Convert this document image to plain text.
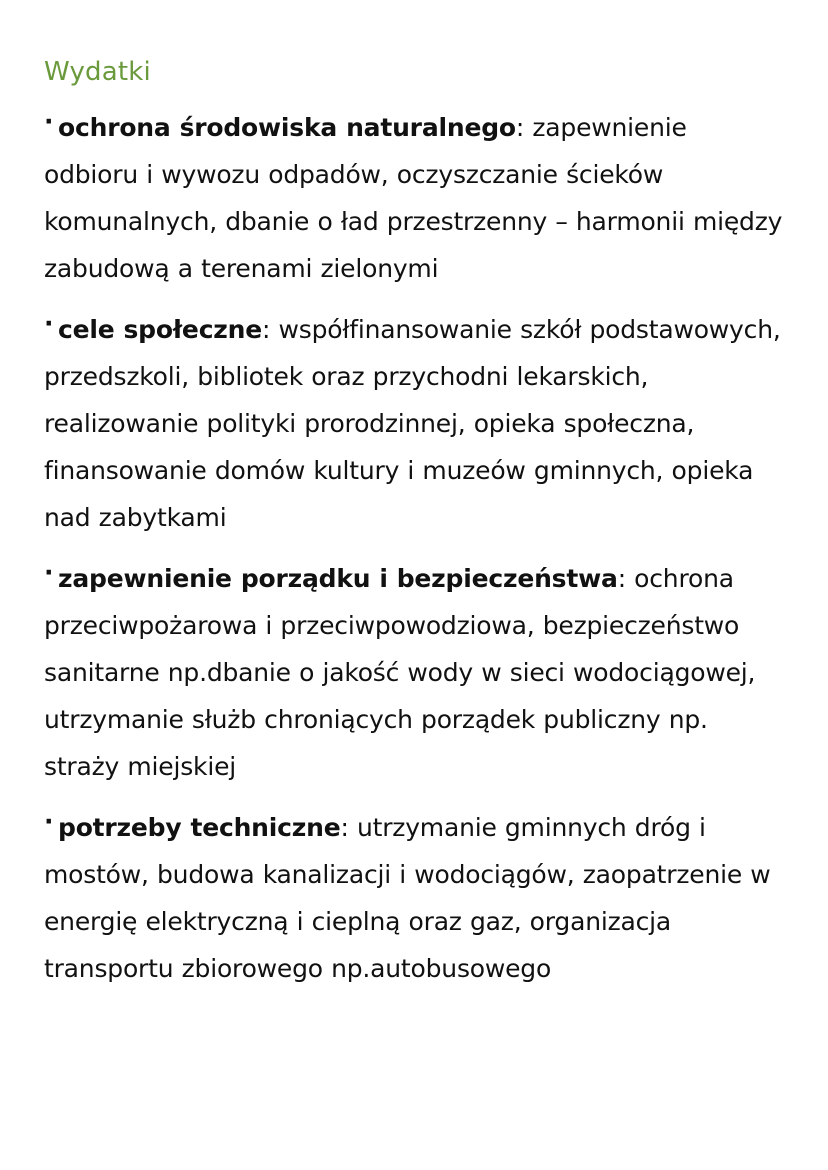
Wydatki
· ochrona środowiska naturalnego: zapewnienie odbioru i wywozu odpadów, oczyszczanie ścieków komunalnych, dbanie o ład przestrzenny – harmonii między zabudową a terenami zielonymi
· cele społeczne: współfinansowanie szkół podstawowych, przedszkoli, bibliotek oraz przychodni lekarskich, realizowanie polityki prorodzinnej, opieka społeczna, finansowanie domów kultury i muzeów gminnych, opieka nad zabytkami
· zapewnienie porządku i bezpieczeństwa: ochrona przeciwpożarowa i przeciwpowodziowa, bezpieczeństwo sanitarne np.dbanie o jakość wody w sieci wodociągowej, utrzymanie służb chroniących porządek publiczny np. straży miejskiej
· potrzeby techniczne: utrzymanie gminnych dróg i mostów, budowa kanalizacji i wodociągów, zaopatrzenie w energię elektryczną i cieplną oraz gaz, organizacja transportu zbiorowego np.autobusowego
